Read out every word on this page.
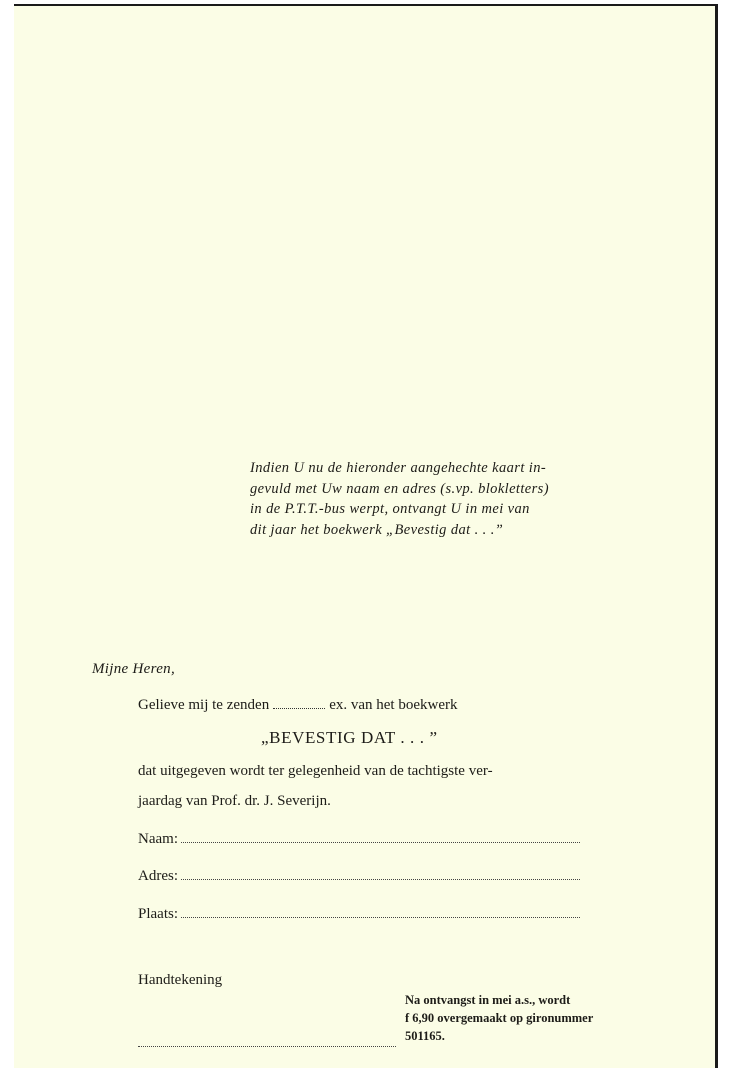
Indien U nu de hieronder aangehechte kaart in-
gevuld met Uw naam en adres (s.vp. blokletters)
in de P.T.T.-bus werpt, ontvangt U in mei van
dit jaar het boekwerk „Bevestig dat . . .”
Mijne Heren,
Gelieve mij te zenden	ex. van het boekwerk
„BEVESTIG DAT . . . ”
dat uitgegeven wordt ter gelegenheid van de tachtigste ver-
jaardag van Prof. dr. J. Severijn.
Naam:
Adres:
Plaats:
Handtekening
Na ontvangst in mei a.s., wordt
f 6,90 overgemaakt op gironummer
501165.
